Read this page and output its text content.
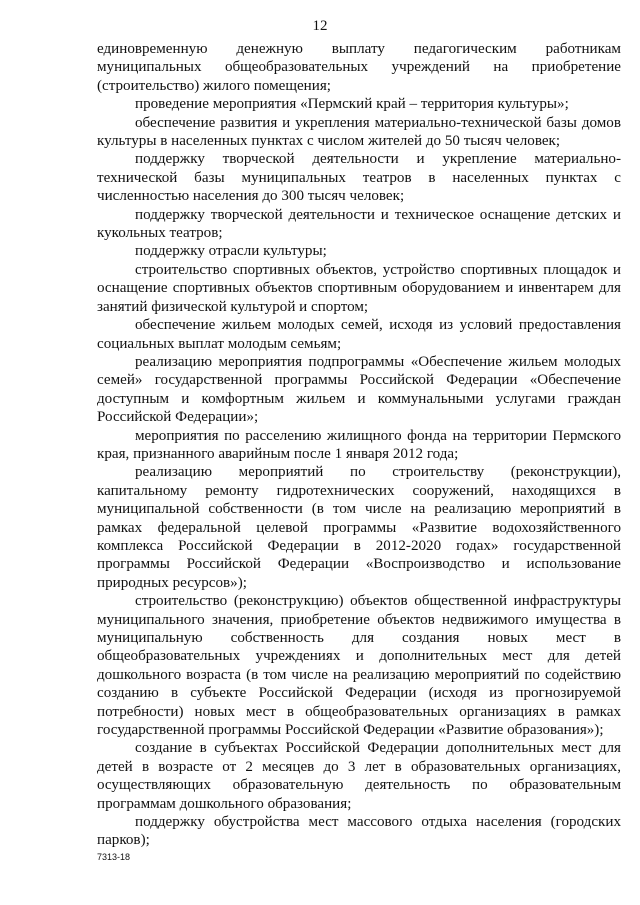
12

единовременную денежную выплату педагогическим работникам муниципальных общеобразовательных учреждений на приобретение (строительство) жилого помещения;

проведение мероприятия «Пермский край – территория культуры»;

обеспечение развития и укрепления материально-технической базы домов культуры в населенных пунктах с числом жителей до 50 тысяч человек;

поддержку творческой деятельности и укрепление материально-технической базы муниципальных театров в населенных пунктах с численностью населения до 300 тысяч человек;

поддержку творческой деятельности и техническое оснащение детских и кукольных театров;

поддержку отрасли культуры;

строительство спортивных объектов, устройство спортивных площадок и оснащение спортивных объектов спортивным оборудованием и инвентарем для занятий физической культурой и спортом;

обеспечение жильем молодых семей, исходя из условий предоставления социальных выплат молодым семьям;

реализацию мероприятия подпрограммы «Обеспечение жильем молодых семей» государственной программы Российской Федерации «Обеспечение доступным и комфортным жильем и коммунальными услугами граждан Российской Федерации»;

мероприятия по расселению жилищного фонда на территории Пермского края, признанного аварийным после 1 января 2012 года;

реализацию мероприятий по строительству (реконструкции), капитальному ремонту гидротехнических сооружений, находящихся в муниципальной собственности (в том числе на реализацию мероприятий в рамках федеральной целевой программы «Развитие водохозяйственного комплекса Российской Федерации в 2012-2020 годах» государственной программы Российской Федерации «Воспроизводство и использование природных ресурсов»);

строительство (реконструкцию) объектов общественной инфраструктуры муниципального значения, приобретение объектов недвижимого имущества в муниципальную собственность для создания новых мест в общеобразовательных учреждениях и дополнительных мест для детей дошкольного возраста (в том числе на реализацию мероприятий по содействию созданию в субъекте Российской Федерации (исходя из прогнозируемой потребности) новых мест в общеобразовательных организациях в рамках государственной программы Российской Федерации «Развитие образования»);

создание в субъектах Российской Федерации дополнительных мест для детей в возрасте от 2 месяцев до 3 лет в образовательных организациях, осуществляющих образовательную деятельность по образовательным программам дошкольного образования;

поддержку обустройства мест массового отдыха населения (городских парков);

7313-18
